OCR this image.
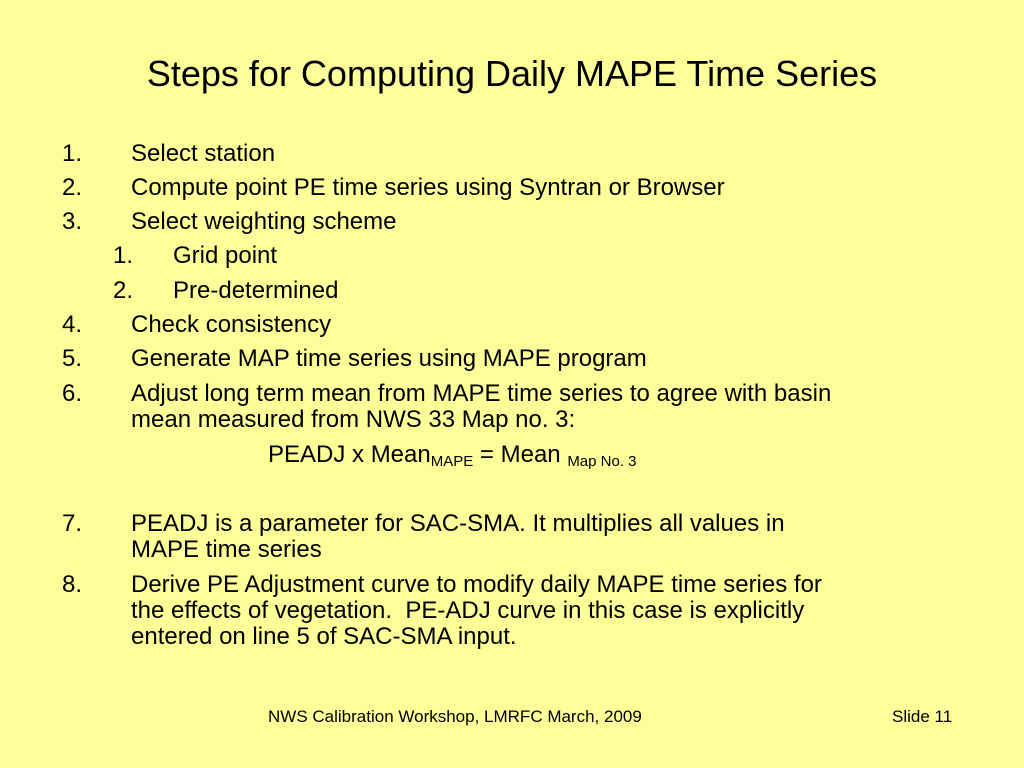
Steps for Computing Daily MAPE Time Series
1. Select station
2. Compute point PE time series using Syntran or Browser
3. Select weighting scheme
1. Grid point
2. Pre-determined
4. Check consistency
5. Generate MAP time series using MAPE program
6. Adjust long term mean from MAPE time series to agree with basin
mean measured from NWS 33 Map no. 3:
PEADJ x Mean$_{MAPE}$ = Mean $_{Map No. 3}$
7. PEADJ is a parameter for SAC-SMA. It multiplies all values in
MAPE time series
8. Derive PE Adjustment curve to modify daily MAPE time series for
the effects of vegetation.  PE-ADJ curve in this case is explicitly
entered on line 5 of SAC-SMA input.
NWS Calibration Workshop, LMRFC March, 2009	Slide 11
